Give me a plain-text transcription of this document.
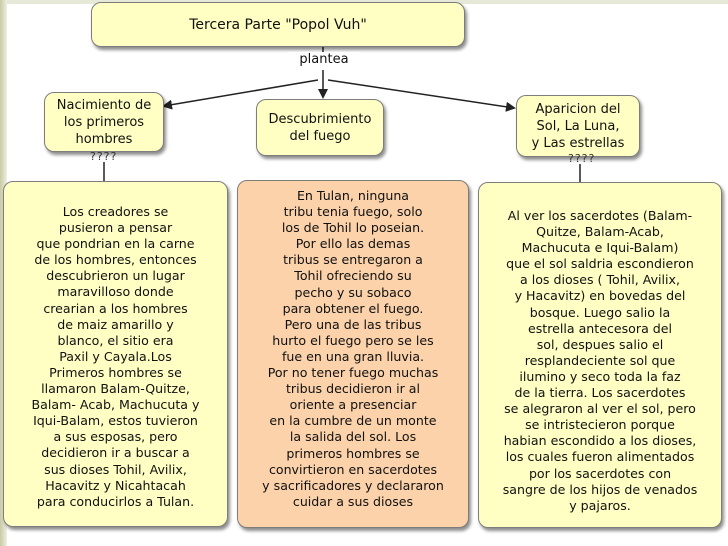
Tercera Parte "Popol Vuh"
plantea
Nacimiento de
los primeros
hombres
????
Descubrimiento
del fuego
Aparicion del
Sol, La Luna,
y Las estrellas
????
Los creadores se
pusieron a pensar
que pondrian en la carne
de los hombres, entonces
descubrieron un lugar
maravilloso donde
crearian a los hombres
de maiz amarillo y
blanco, el sitio era
Paxil y Cayala.Los
Primeros hombres se
llamaron Balam-Quitze,
Balam- Acab, Machucuta y
Iqui-Balam, estos tuvieron
a sus esposas, pero
decidieron ir a buscar a
sus dioses Tohil, Avilix,
Hacavitz y Nicahtacah
para conducirlos a Tulan.
En Tulan, ninguna
tribu tenia fuego, solo
los de Tohil lo poseian.
Por ello las demas
tribus se entregaron a
Tohil ofreciendo su
pecho y su sobaco
para obtener el fuego.
Pero una de las tribus
hurto el fuego pero se les
fue en una gran lluvia.
Por no tener fuego muchas
tribus decidieron ir al
oriente a presenciar
en la cumbre de un monte
la salida del sol. Los
primeros hombres se
convirtieron en sacerdotes
y sacrificadores y declararon
cuidar a sus dioses
Al ver los sacerdotes (Balam-
Quitze, Balam-Acab,
Machucuta e Iqui-Balam)
que el sol saldria escondieron
a los dioses ( Tohil, Avilix,
y Hacavitz) en bovedas del
bosque. Luego salio la
estrella antecesora del
sol, despues salio el
resplandeciente sol que
ilumino y seco toda la faz
de la tierra. Los sacerdotes
se alegraron al ver el sol, pero
se intristecieron porque
habian escondido a los dioses,
los cuales fueron alimentados
por los sacerdotes con
sangre de los hijos de venados
y pajaros.
